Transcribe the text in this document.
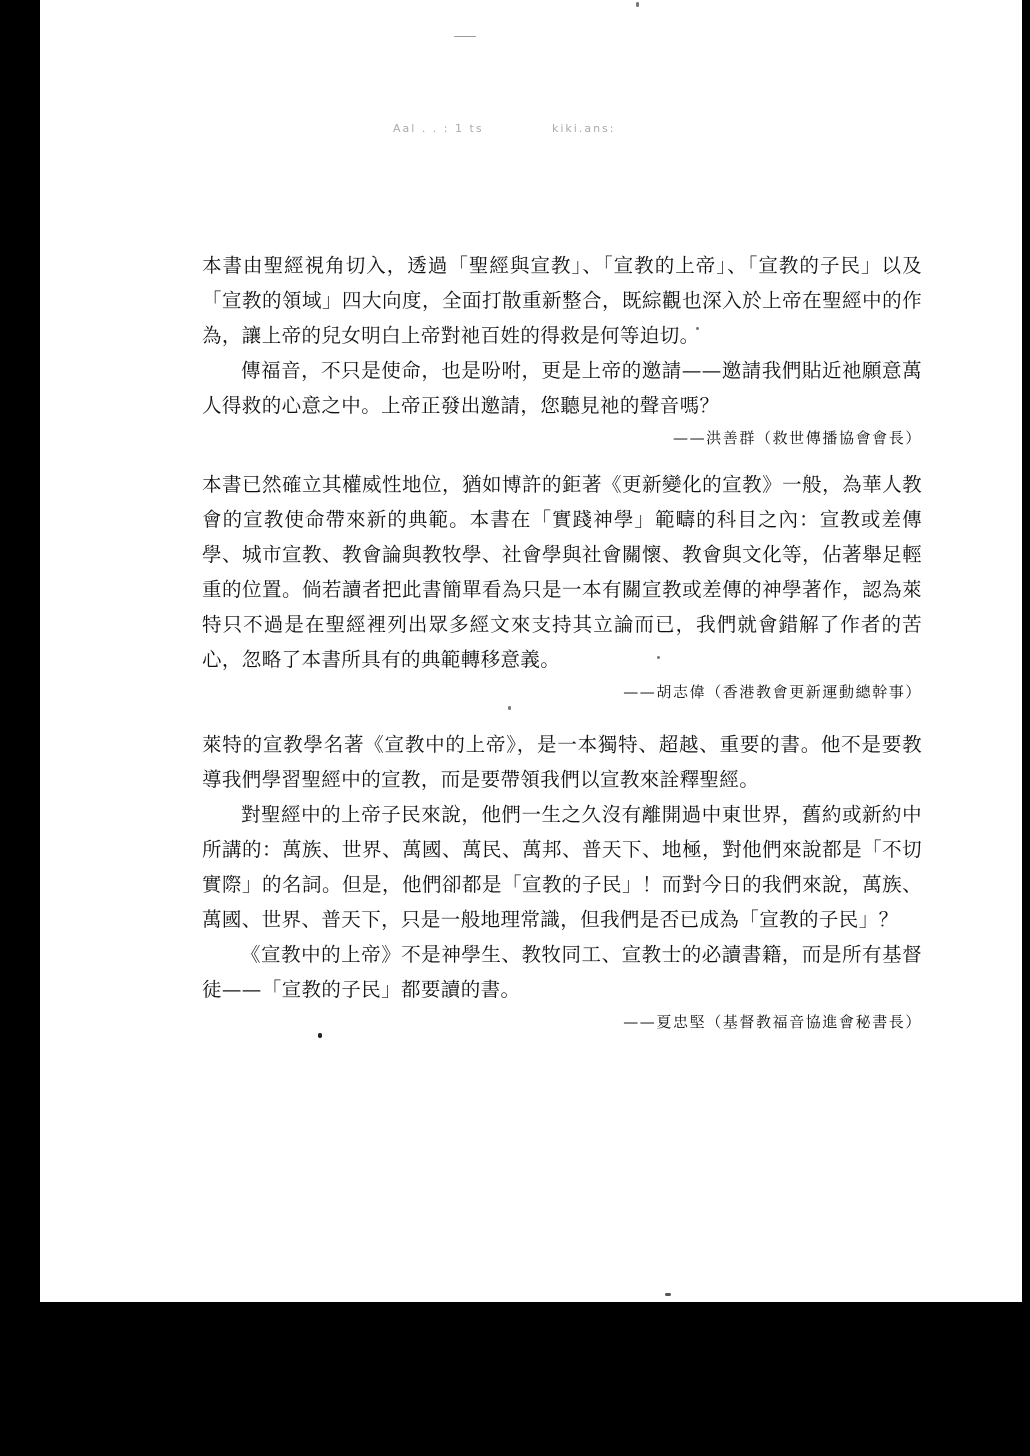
Aal . . : 1 ts	kiki.ans:

本書由聖經視角切入，透過「聖經與宣教」、「宣教的上帝」、「宣教的子民」以及「宣教的領域」四大向度，全面打散重新整合，既綜觀也深入於上帝在聖經中的作為，讓上帝的兒女明白上帝對祂百姓的得救是何等迫切。

傳福音，不只是使命，也是吩咐，更是上帝的邀請——邀請我們貼近祂願意萬人得救的心意之中。上帝正發出邀請，您聽見祂的聲音嗎？

——洪善群（救世傳播協會會長）

本書已然確立其權威性地位，猶如博許的鉅著《更新變化的宣教》一般，為華人教會的宣教使命帶來新的典範。本書在「實踐神學」範疇的科目之內：宣教或差傳學、城市宣教、教會論與教牧學、社會學與社會關懷、教會與文化等，佔著舉足輕重的位置。倘若讀者把此書簡單看為只是一本有關宣教或差傳的神學著作，認為萊特只不過是在聖經裡列出眾多經文來支持其立論而已，我們就會錯解了作者的苦心，忽略了本書所具有的典範轉移意義。

——胡志偉（香港教會更新運動總幹事）

萊特的宣教學名著《宣教中的上帝》，是一本獨特、超越、重要的書。他不是要教導我們學習聖經中的宣教，而是要帶領我們以宣教來詮釋聖經。

對聖經中的上帝子民來說，他們一生之久沒有離開過中東世界，舊約或新約中所講的：萬族、世界、萬國、萬民、萬邦、普天下、地極，對他們來說都是「不切實際」的名詞。但是，他們卻都是「宣教的子民」！而對今日的我們來說，萬族、萬國、世界、普天下，只是一般地理常識，但我們是否已成為「宣教的子民」？

《宣教中的上帝》不是神學生、教牧同工、宣教士的必讀書籍，而是所有基督徒——「宣教的子民」都要讀的書。

——夏忠堅（基督教福音協進會秘書長）
